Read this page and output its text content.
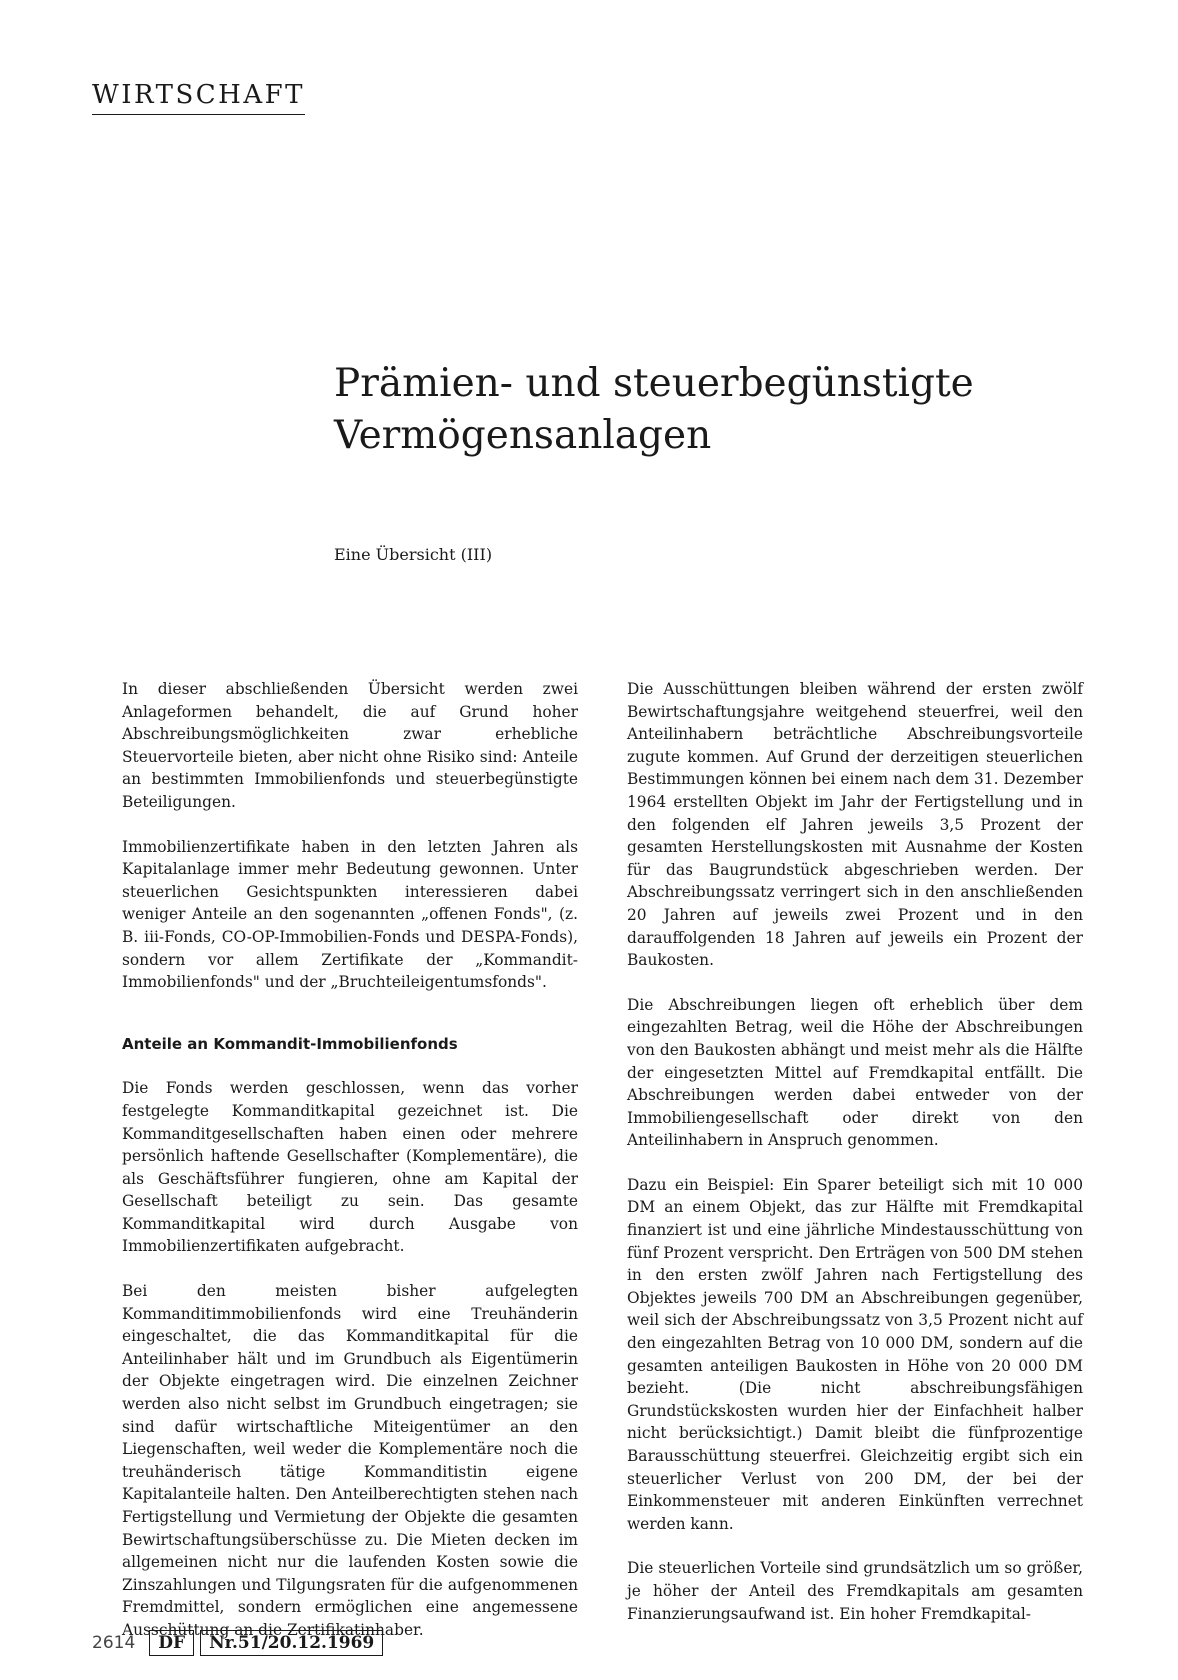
WIRTSCHAFT
Prämien- und steuerbegünstigte
Vermögensanlagen
Eine Übersicht (III)

In dieser abschließenden Übersicht werden zwei Anlageformen behandelt, die auf Grund hoher Abschreibungsmöglichkeiten zwar erhebliche Steuervorteile bieten, aber nicht ohne Risiko sind: Anteile an bestimmten Immobilienfonds und steuerbegünstigte Beteiligungen.

Immobilienzertifikate haben in den letzten Jahren als Kapitalanlage immer mehr Bedeutung gewonnen. Unter steuerlichen Gesichtspunkten interessieren dabei weniger Anteile an den sogenannten „offenen Fonds", (z. B. iii-Fonds, CO-OP-Immobilien-Fonds und DESPA-Fonds), sondern vor allem Zertifikate der „Kommandit-Immobilienfonds" und der „Bruchteileigentumsfonds".

Anteile an Kommandit-Immobilienfonds

Die Fonds werden geschlossen, wenn das vorher festgelegte Kommanditkapital gezeichnet ist. Die Kommanditgesellschaften haben einen oder mehrere persönlich haftende Gesellschafter (Komplementäre), die als Geschäftsführer fungieren, ohne am Kapital der Gesellschaft beteiligt zu sein. Das gesamte Kommanditkapital wird durch Ausgabe von Immobilienzertifikaten aufgebracht.

Bei den meisten bisher aufgelegten Kommanditimmobilienfonds wird eine Treuhänderin eingeschaltet, die das Kommanditkapital für die Anteilinhaber hält und im Grundbuch als Eigentümerin der Objekte eingetragen wird. Die einzelnen Zeichner werden also nicht selbst im Grundbuch eingetragen; sie sind dafür wirtschaftliche Miteigentümer an den Liegenschaften, weil weder die Komplementäre noch die treuhänderisch tätige Kommanditistin eigene Kapitalanteile halten. Den Anteilberechtigten stehen nach Fertigstellung und Vermietung der Objekte die gesamten Bewirtschaftungsüberschüsse zu. Die Mieten decken im allgemeinen nicht nur die laufenden Kosten sowie die Zinszahlungen und Tilgungsraten für die aufgenommenen Fremdmittel, sondern ermöglichen eine angemessene Ausschüttung an die Zertifikatinhaber.

Die Ausschüttungen bleiben während der ersten zwölf Bewirtschaftungsjahre weitgehend steuerfrei, weil den Anteilinhabern beträchtliche Abschreibungsvorteile zugute kommen. Auf Grund der derzeitigen steuerlichen Bestimmungen können bei einem nach dem 31. Dezember 1964 erstellten Objekt im Jahr der Fertigstellung und in den folgenden elf Jahren jeweils 3,5 Prozent der gesamten Herstellungskosten mit Ausnahme der Kosten für das Baugrundstück abgeschrieben werden. Der Abschreibungssatz verringert sich in den anschließenden 20 Jahren auf jeweils zwei Prozent und in den darauffolgenden 18 Jahren auf jeweils ein Prozent der Baukosten.

Die Abschreibungen liegen oft erheblich über dem eingezahlten Betrag, weil die Höhe der Abschreibungen von den Baukosten abhängt und meist mehr als die Hälfte der eingesetzten Mittel auf Fremdkapital entfällt. Die Abschreibungen werden dabei entweder von der Immobiliengesellschaft oder direkt von den Anteilinhabern in Anspruch genommen.

Dazu ein Beispiel: Ein Sparer beteiligt sich mit 10 000 DM an einem Objekt, das zur Hälfte mit Fremdkapital finanziert ist und eine jährliche Mindestausschüttung von fünf Prozent verspricht. Den Erträgen von 500 DM stehen in den ersten zwölf Jahren nach Fertigstellung des Objektes jeweils 700 DM an Abschreibungen gegenüber, weil sich der Abschreibungssatz von 3,5 Prozent nicht auf den eingezahlten Betrag von 10 000 DM, sondern auf die gesamten anteiligen Baukosten in Höhe von 20 000 DM bezieht. (Die nicht abschreibungsfähigen Grundstückskosten wurden hier der Einfachheit halber nicht berücksichtigt.) Damit bleibt die fünfprozentige Barausschüttung steuerfrei. Gleichzeitig ergibt sich ein steuerlicher Verlust von 200 DM, der bei der Einkommensteuer mit anderen Einkünften verrechnet werden kann.

Die steuerlichen Vorteile sind grundsätzlich um so größer, je höher der Anteil des Fremdkapitals am gesamten Finanzierungsaufwand ist. Ein hoher Fremdkapital-

2614	DF	Nr.51/20.12.1969
